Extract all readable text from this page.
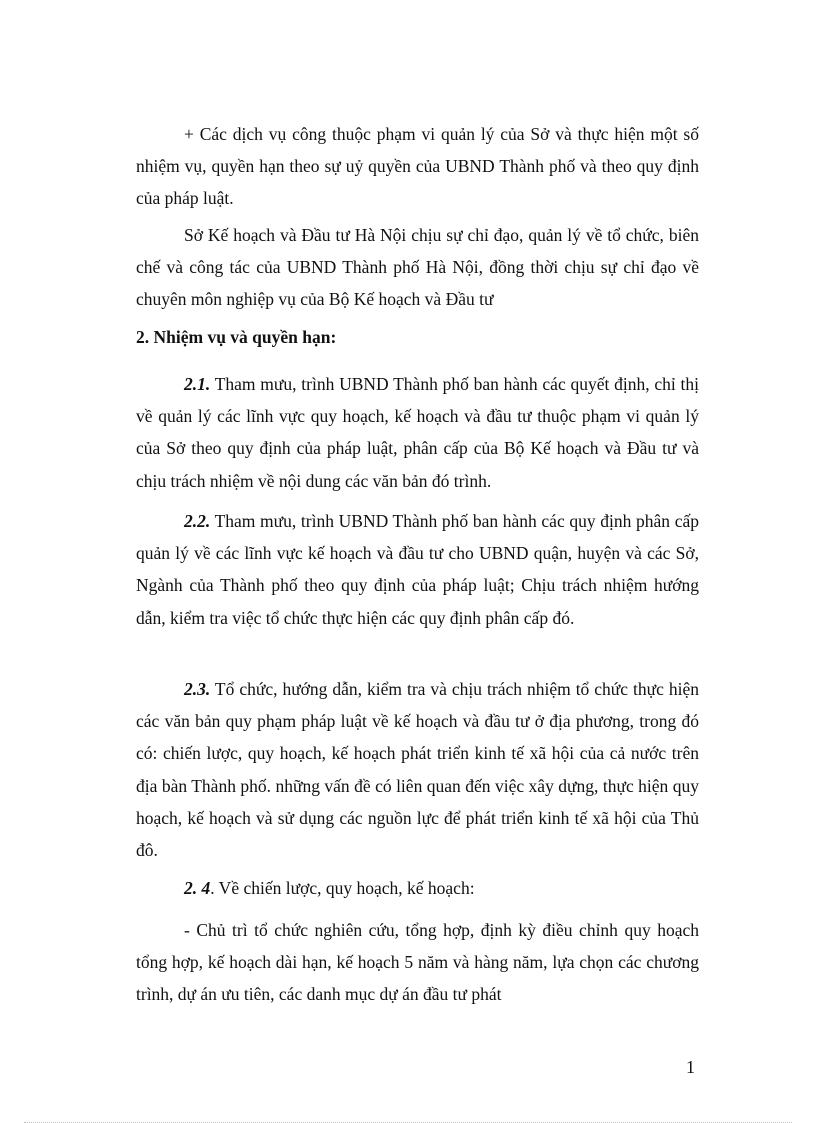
+ Các dịch vụ công thuộc phạm vi quản lý của Sở và thực hiện một số nhiệm vụ, quyền hạn theo sự uỷ quyền của UBND Thành phố và theo quy định của pháp luật.

Sở Kế hoạch và Đầu tư Hà Nội chịu sự chỉ đạo, quản lý về tổ chức, biên chế và công tác của UBND Thành phố Hà Nội, đồng thời chịu sự chỉ đạo về chuyên môn nghiệp vụ của Bộ Kế hoạch và Đầu tư

2. Nhiệm vụ và quyền hạn:

2.1. Tham mưu, trình UBND Thành phố ban hành các quyết định, chỉ thị về quản lý các lĩnh vực quy hoạch, kế hoạch và đầu tư thuộc phạm vi quản lý của Sở theo quy định của pháp luật, phân cấp của Bộ Kế hoạch và Đầu tư và chịu trách nhiệm về nội dung các văn bản đó trình.

2.2. Tham mưu, trình UBND Thành phố ban hành các quy định phân cấp quản lý về các lĩnh vực kế hoạch và đầu tư cho UBND quận, huyện và các Sở, Ngành của Thành phố theo quy định của pháp luật; Chịu trách nhiệm hướng dẫn, kiểm tra việc tổ chức thực hiện các quy định phân cấp đó.

2.3. Tổ chức, hướng dẫn, kiểm tra và chịu trách nhiệm tổ chức thực hiện các văn bản quy phạm pháp luật về kế hoạch và đầu tư ở địa phương, trong đó có: chiến lược, quy hoạch, kế hoạch phát triển kinh tế xã hội của cả nước trên địa bàn Thành phố. những vấn đề có liên quan đến việc xây dựng, thực hiện quy hoạch, kế hoạch và sử dụng các nguồn lực để phát triển kinh tế xã hội của Thủ đô.

2. 4. Về chiến lược, quy hoạch, kế hoạch:

- Chủ trì tổ chức nghiên cứu, tổng hợp, định kỳ điều chỉnh quy hoạch tổng hợp, kế hoạch dài hạn, kế hoạch 5 năm và hàng năm, lựa chọn các chương trình, dự án ưu tiên, các danh mục dự án đầu tư phát

1
